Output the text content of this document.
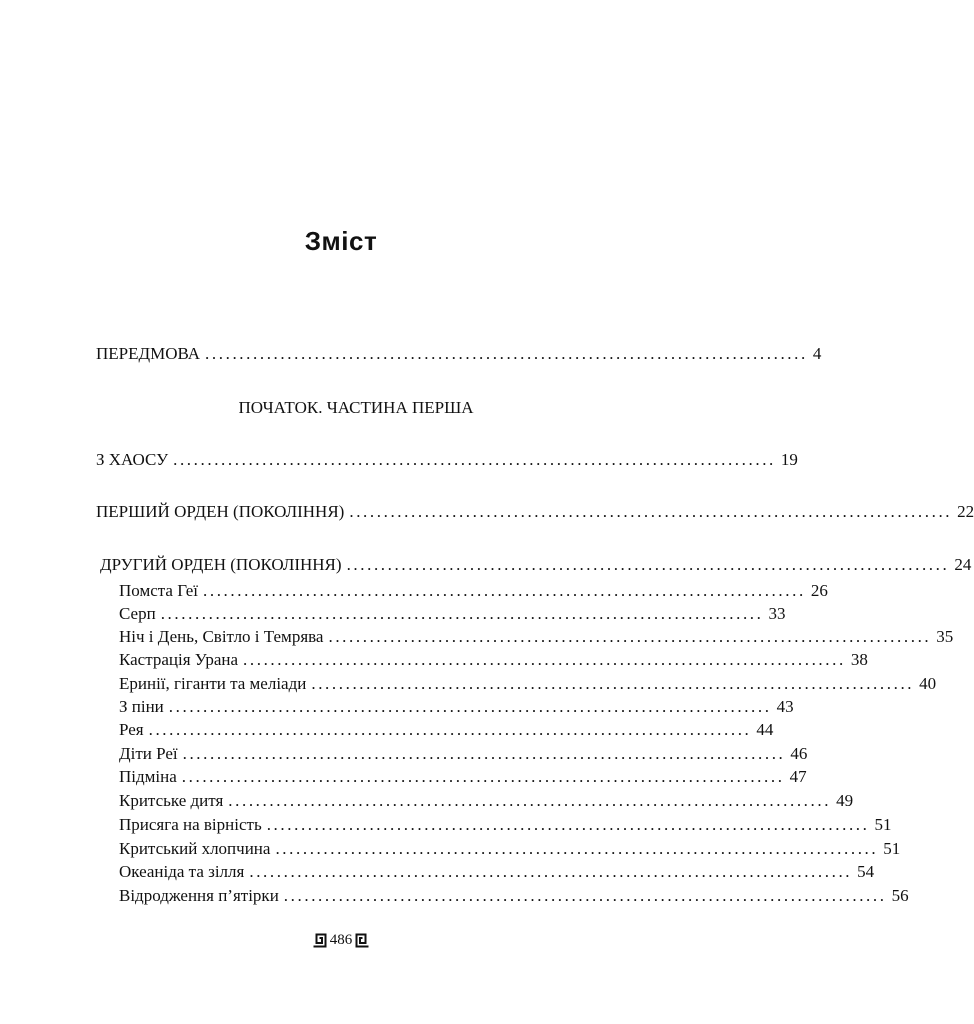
Зміст
ПЕРЕДМОВА ........................................................................................ 4
ПОЧАТОК. ЧАСТИНА ПЕРША
З ХАОСУ ........................................................................................ 19
ПЕРШИЙ ОРДЕН (ПОКОЛІННЯ) ........................................................................................ 22
ДРУГИЙ ОРДЕН (ПОКОЛІННЯ) ........................................................................................ 24
Помста Геї ........................................................................................ 26
Серп ........................................................................................ 33
Ніч і День, Світло і Темрява ........................................................................................ 35
Кастрація Урана ........................................................................................ 38
Еринії, гіганти та меліади ........................................................................................ 40
З піни ........................................................................................ 43
Рея ........................................................................................ 44
Діти Реї ........................................................................................ 46
Підміна ........................................................................................ 47
Критське дитя ........................................................................................ 49
Присяга на вірність ........................................................................................ 51
Критський хлопчина ........................................................................................ 51
Океаніда та зілля ........................................................................................ 54
Відродження п’ятірки ........................................................................................ 56
486
